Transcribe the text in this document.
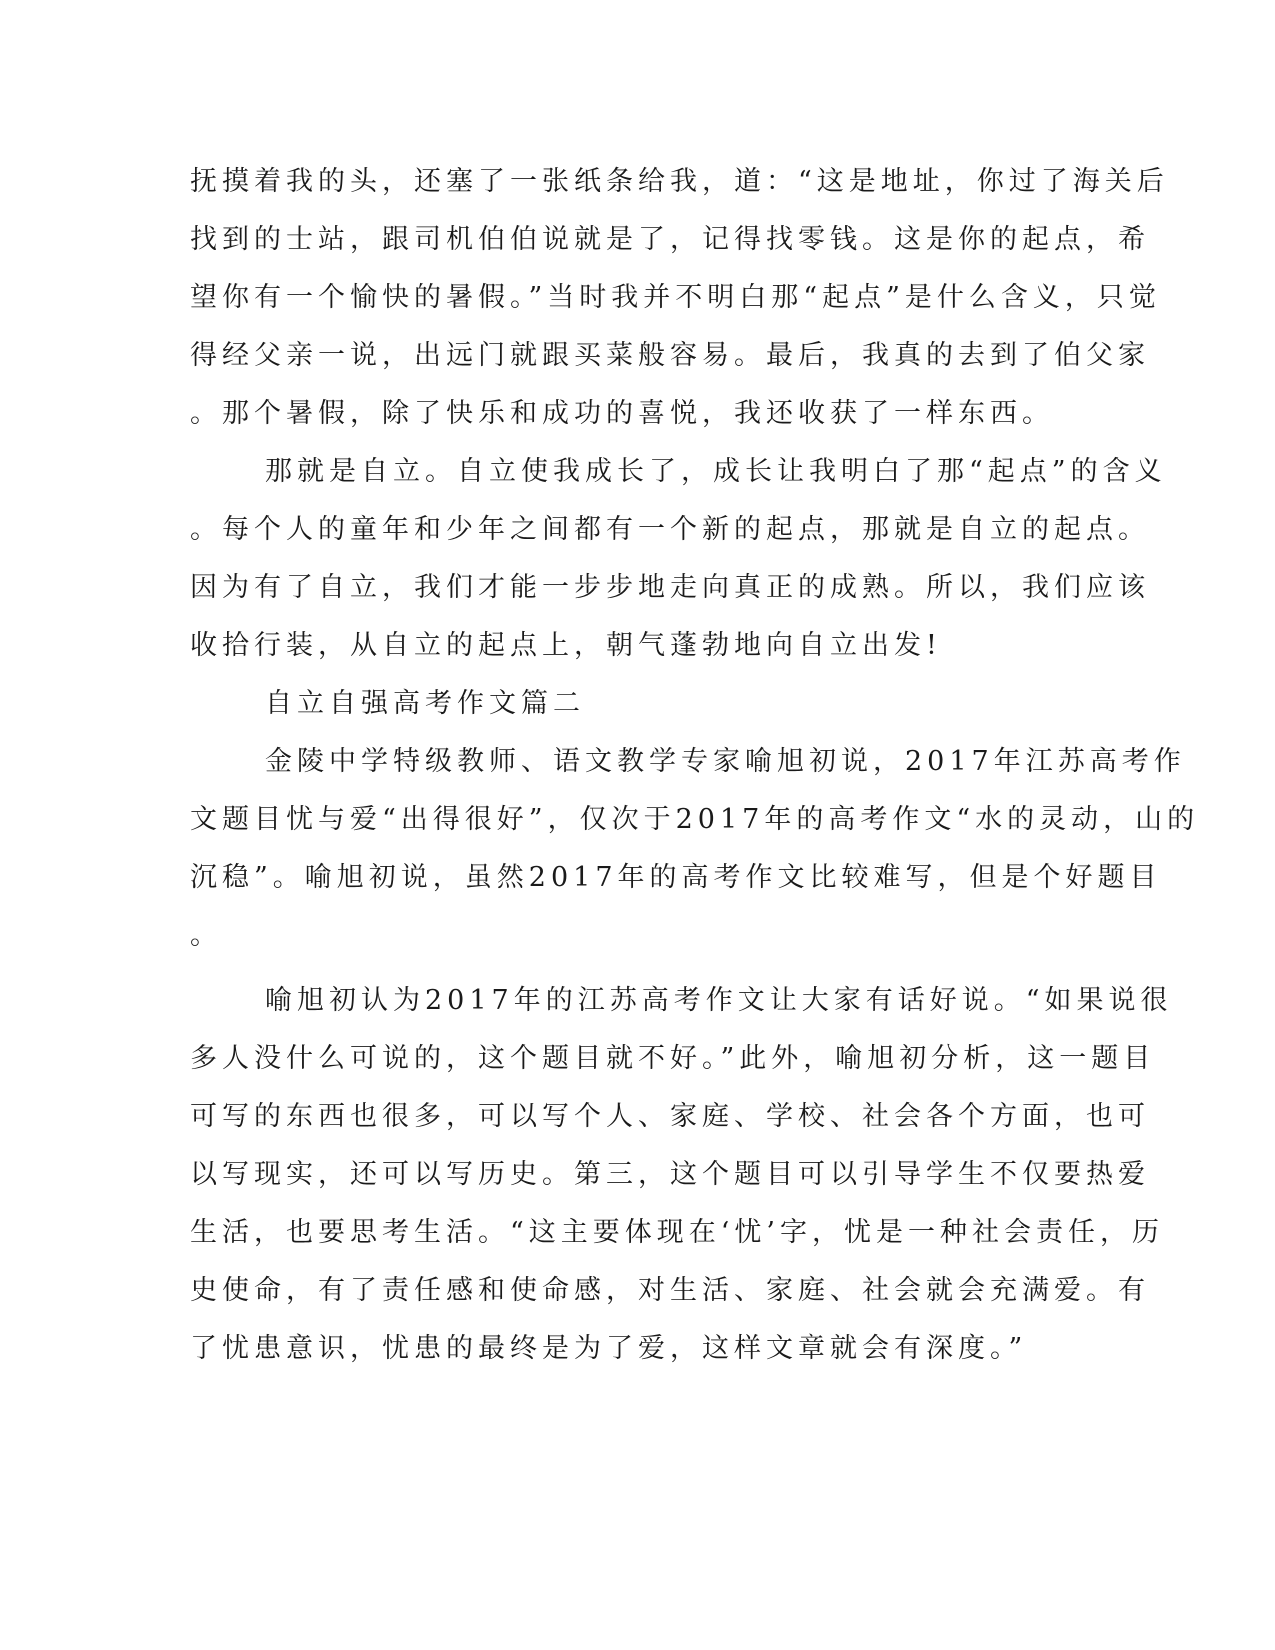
抚摸着我的头，还塞了一张纸条给我，道：“这是地址，你过了海关后
找到的士站，跟司机伯伯说就是了，记得找零钱。这是你的起点，希
望你有一个愉快的暑假。”当时我并不明白那“起点”是什么含义，只觉
得经父亲一说，出远门就跟买菜般容易。最后，我真的去到了伯父家
。那个暑假，除了快乐和成功的喜悦，我还收获了一样东西。
那就是自立。自立使我成长了，成长让我明白了那“起点”的含义
。每个人的童年和少年之间都有一个新的起点，那就是自立的起点。
因为有了自立，我们才能一步步地走向真正的成熟。所以，我们应该
收拾行装，从自立的起点上，朝气蓬勃地向自立出发!
自立自强高考作文篇二
金陵中学特级教师、语文教学专家喻旭初说，2017年江苏高考作
文题目忧与爱“出得很好”，仅次于2017年的高考作文“水的灵动，山的
沉稳”。喻旭初说，虽然2017年的高考作文比较难写，但是个好题目
。
喻旭初认为2017年的江苏高考作文让大家有话好说。“如果说很
多人没什么可说的，这个题目就不好。”此外，喻旭初分析，这一题目
可写的东西也很多，可以写个人、家庭、学校、社会各个方面，也可
以写现实，还可以写历史。第三，这个题目可以引导学生不仅要热爱
生活，也要思考生活。“这主要体现在‘忧’字，忧是一种社会责任，历
史使命，有了责任感和使命感，对生活、家庭、社会就会充满爱。有
了忧患意识，忧患的最终是为了爱，这样文章就会有深度。”
